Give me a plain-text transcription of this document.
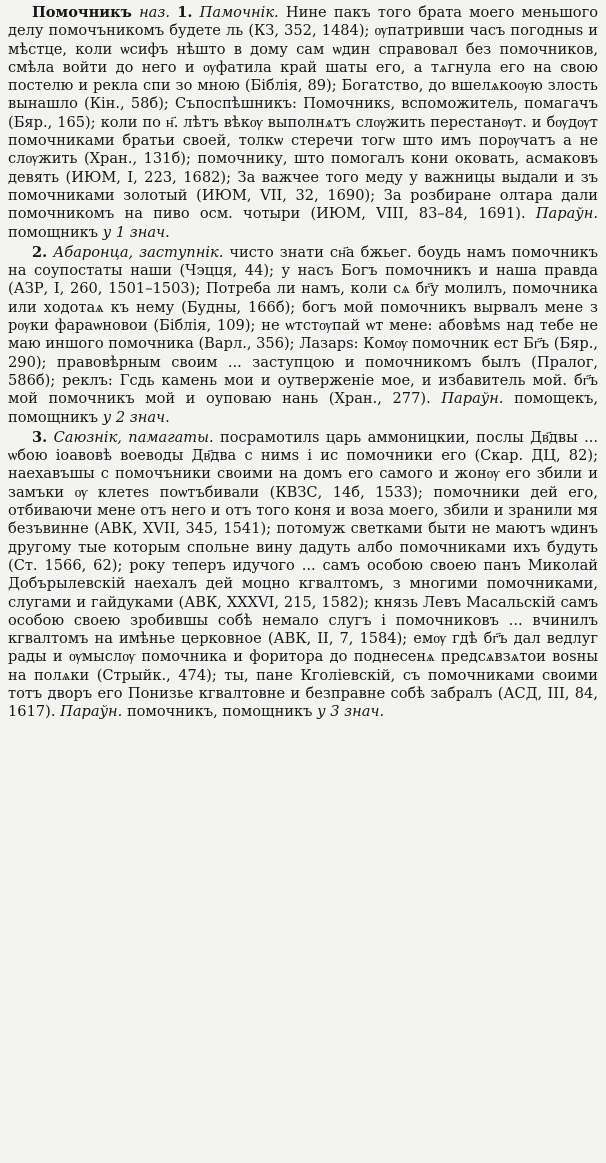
Помочникъ наз. 1. Памочнік. Нине пакъ того брата моего меньшого делу помочъникомъ будете ль (КЗ, 352, 1484); ѹпатривши часъ погодныѕ и мѣстце, коли ѡсифъ нѣшто в дому сам ѡдин справовал без помочников, смѣла войти до него и ѹфатила край шаты его, а тѧгнула его на свою постелю и рекла спи зо мною (Біблія, 89); Богатство, до вшелѧкоѹю злость вынашло (Кін., 58б); Съпоспѣшникъ: Помочникѕ, вспоможитель, помагачъ (Бяр., 165); коли по н҃. лѣтъ вѣкѹ выполнѧтъ слѹжить перестанѹт. и бѹдѹт помочниками братьи своей, толкѡ стеречи тогѡ што имъ порѹчатъ а не слѹжить (Хран., 131б); помочнику, што помогалъ кони оковать, асмаковъ девять (ИЮМ, I, 223, 1682); За важчее того меду у важницы выдали и зъ помочниками золотый (ИЮМ, VII, 32, 1690); За розбиране олтара дали помочникомъ на пиво осм. чотыри (ИЮМ, VIII, 83–84, 1691). Параўн. помощникъ у 1 знач.

2. Абаронца, заступнік. чисто знати сн҃а бжьег. боудь намъ помочникъ на соупостаты наши (Чэцця, 44); у насъ Богъ помочникъ и наша правда (АЗР, I, 260, 1501–1503); Потреба ли намъ, коли сѧ бг҃у молилъ, помочника или ходотаѧ къ нему (Будны, 166б); богъ мой помочникъ вырвалъ мене з рѹки фараѡновои (Біблія, 109); не ѡтстѹпай ѡт мене: абовѣмѕ над тебе не маю иншого помочника (Варл., 356); Лазарѕ: Комѹ помочник ест Бг҃ъ (Бяр., 290); правовѣрным своим ... заступцою и помочникомъ былъ (Пралог, 586б); реклъ: Гсдь камень мои и оутверженіе мое, и избавитель мой. бг҃ъ мой помочникъ мой и оуповаю нань (Хран., 277). Параўн. помощекъ, помощникъ у 2 знач.

3. Саюзнік, памагаты. посрамотилѕ царь аммоницкии, послы Дв҃двы ... ѡбою іоавовѣ воеводы Дв҃два с нимѕ і ис помочники его (Скар. ДЦ, 82); наехавъшы с помочъники своими на домъ его самого и жонѹ его збили и замъки ѹ клетеѕ поѡтъбивали (КВЗС, 14б, 1533); помочники дей его, отбиваючи мене отъ него и отъ того коня и воза моего, збили и зранили мя безъвинне (АВК, XVII, 345, 1541); потомуж светками быти не маютъ ѡдинъ другому тые которым спольне вину дадуть албо помочниками ихъ будуть (Ст. 1566, 62); року теперъ идучого ... самъ особою своею панъ Миколай Добърылевскій наехалъ дей моцно кгвалтомъ, з многими помочниками, слугами и гайдуками (АВК, XXXVI, 215, 1582); князь Левъ Масальскій самъ особою своею зробившы собѣ немало слугъ і помочниковъ ... вчинилъ кгвалтомъ на имѣнье церковное (АВК, II, 7, 1584); емѹ гдѣ бг҃ъ дал ведлуг рады и ѹмыслѹ помочника и форитора до поднесенѧ предсѧвзѧтои воѕны на полѧки (Стрыйк., 474); ты, пане Кголіевскій, съ помочниками своими тотъ дворъ его Понизье кгвалтовне и безправне собѣ забралъ (АСД, III, 84, 1617). Параўн. помочникъ, помощникъ у 3 знач.
